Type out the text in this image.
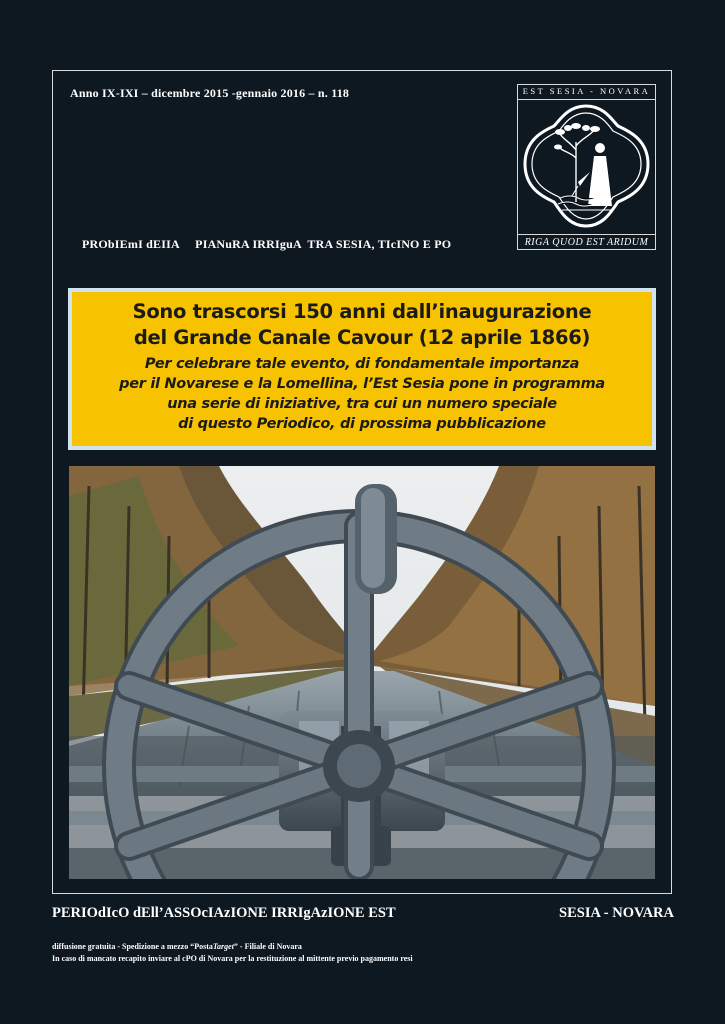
Anno IX-IXI – dicembre 2015 -gennaio 2016 – n. 118
PRObIEmI dEIIA     PIANuRA IRRIguA  TRA SESIA, TIcINO E PO
EST SESIA - NOVARA
RIGA QUOD EST ARIDUM
Sono trascorsi 150 anni dall’inaugurazione
del Grande Canale Cavour (12 aprile 1866)

Per celebrare tale evento, di fondamentale importanza
per il Novarese e la Lomellina, l’Est Sesia pone in programma
una serie di iniziative, tra cui un numero speciale
di questo Periodico, di prossima pubblicazione

PERIOdIcO dEll’ASSOcIAzIONE IRRIgAzIONE EST	SESIA - NOVARA
diffusione gratuita - Spedizione a mezzo “PostaTarget” - Filiale di Novara
In caso di mancato recapito inviare al cPO di Novara per la restituzione al mittente previo pagamento resi
